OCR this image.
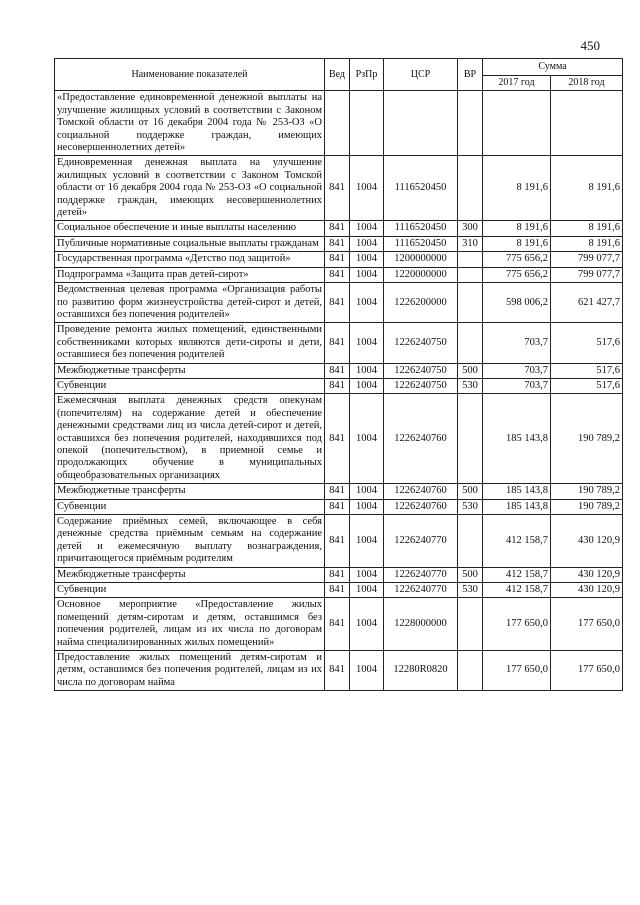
450
Наименование показателей	Вед	РзПр	ЦСР	ВР	Сумма	
					2017 год	2018 год
«Предоставление единовременной денежной выплаты на улучшение жилищных условий в соответствии с Законом Томской области от 16 декабря 2004 года № 253-ОЗ «О социальной поддержке граждан, имеющих несовершеннолетних детей»						
Единовременная денежная выплата на улучшение жилищных условий в соответствии с Законом Томской области от 16 декабря 2004 года № 253-ОЗ «О социальной поддержке граждан, имеющих несовершеннолетних детей»	841	1004	1116520450		8 191,6	8 191,6
Социальное обеспечение и иные выплаты населению	841	1004	1116520450	300	8 191,6	8 191,6
Публичные нормативные социальные выплаты гражданам	841	1004	1116520450	310	8 191,6	8 191,6
Государственная программа «Детство под защитой»	841	1004	1200000000		775 656,2	799 077,7
Подпрограмма «Защита прав детей-сирот»	841	1004	1220000000		775 656,2	799 077,7
Ведомственная целевая программа «Организация работы по развитию форм жизнеустройства детей-сирот и детей, оставшихся без попечения родителей»	841	1004	1226200000		598 006,2	621 427,7
Проведение ремонта жилых помещений, единственными собственниками которых являются дети-сироты и дети, оставшиеся без попечения родителей	841	1004	1226240750		703,7	517,6
Межбюджетные трансферты	841	1004	1226240750	500	703,7	517,6
Субвенции	841	1004	1226240750	530	703,7	517,6
Ежемесячная выплата денежных средств опекунам (попечителям) на содержание детей и обеспечение денежными средствами лиц из числа детей-сирот и детей, оставшихся без попечения родителей, находившихся под опекой (попечительством), в приемной семье и продолжающих обучение в муниципальных общеобразовательных организациях	841	1004	1226240760		185 143,8	190 789,2
Межбюджетные трансферты	841	1004	1226240760	500	185 143,8	190 789,2
Субвенции	841	1004	1226240760	530	185 143,8	190 789,2
Содержание приёмных семей, включающее в себя денежные средства приёмным семьям на содержание детей и ежемесячную выплату вознаграждения, причитающегося приёмным родителям	841	1004	1226240770		412 158,7	430 120,9
Межбюджетные трансферты	841	1004	1226240770	500	412 158,7	430 120,9
Субвенции	841	1004	1226240770	530	412 158,7	430 120,9
Основное мероприятие «Предоставление жилых помещений детям-сиротам и детям, оставшимся без попечения родителей, лицам из их числа по договорам найма специализированных жилых помещений»	841	1004	1228000000		177 650,0	177 650,0
Предоставление жилых помещений детям-сиротам и детям, оставшимся без попечения родителей, лицам из их числа по договорам найма	841	1004	12280R0820		177 650,0	177 650,0
